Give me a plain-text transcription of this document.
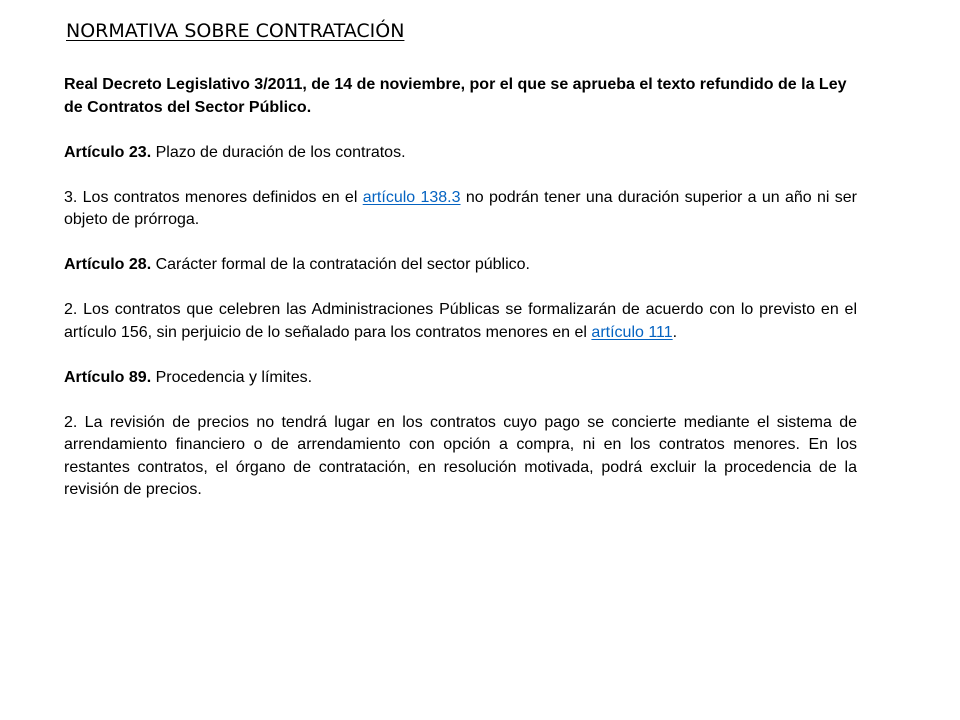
NORMATIVA SOBRE CONTRATACIÓN

Real Decreto Legislativo 3/2011, de 14 de noviembre, por el que se aprueba el texto refundido de la Ley de Contratos del Sector Público.

Artículo 23. Plazo de duración de los contratos.

3. Los contratos menores definidos en el artículo 138.3 no podrán tener una duración superior a un año ni ser objeto de prórroga.

Artículo 28. Carácter formal de la contratación del sector público.

2. Los contratos que celebren las Administraciones Públicas se formalizarán de acuerdo con lo previsto en el artículo 156, sin perjuicio de lo señalado para los contratos menores en el artículo 111.

Artículo 89. Procedencia y límites.

2. La revisión de precios no tendrá lugar en los contratos cuyo pago se concierte mediante el sistema de arrendamiento financiero o de arrendamiento con opción a compra, ni en los contratos menores. En los restantes contratos, el órgano de contratación, en resolución motivada, podrá excluir la procedencia de la revisión de precios.
